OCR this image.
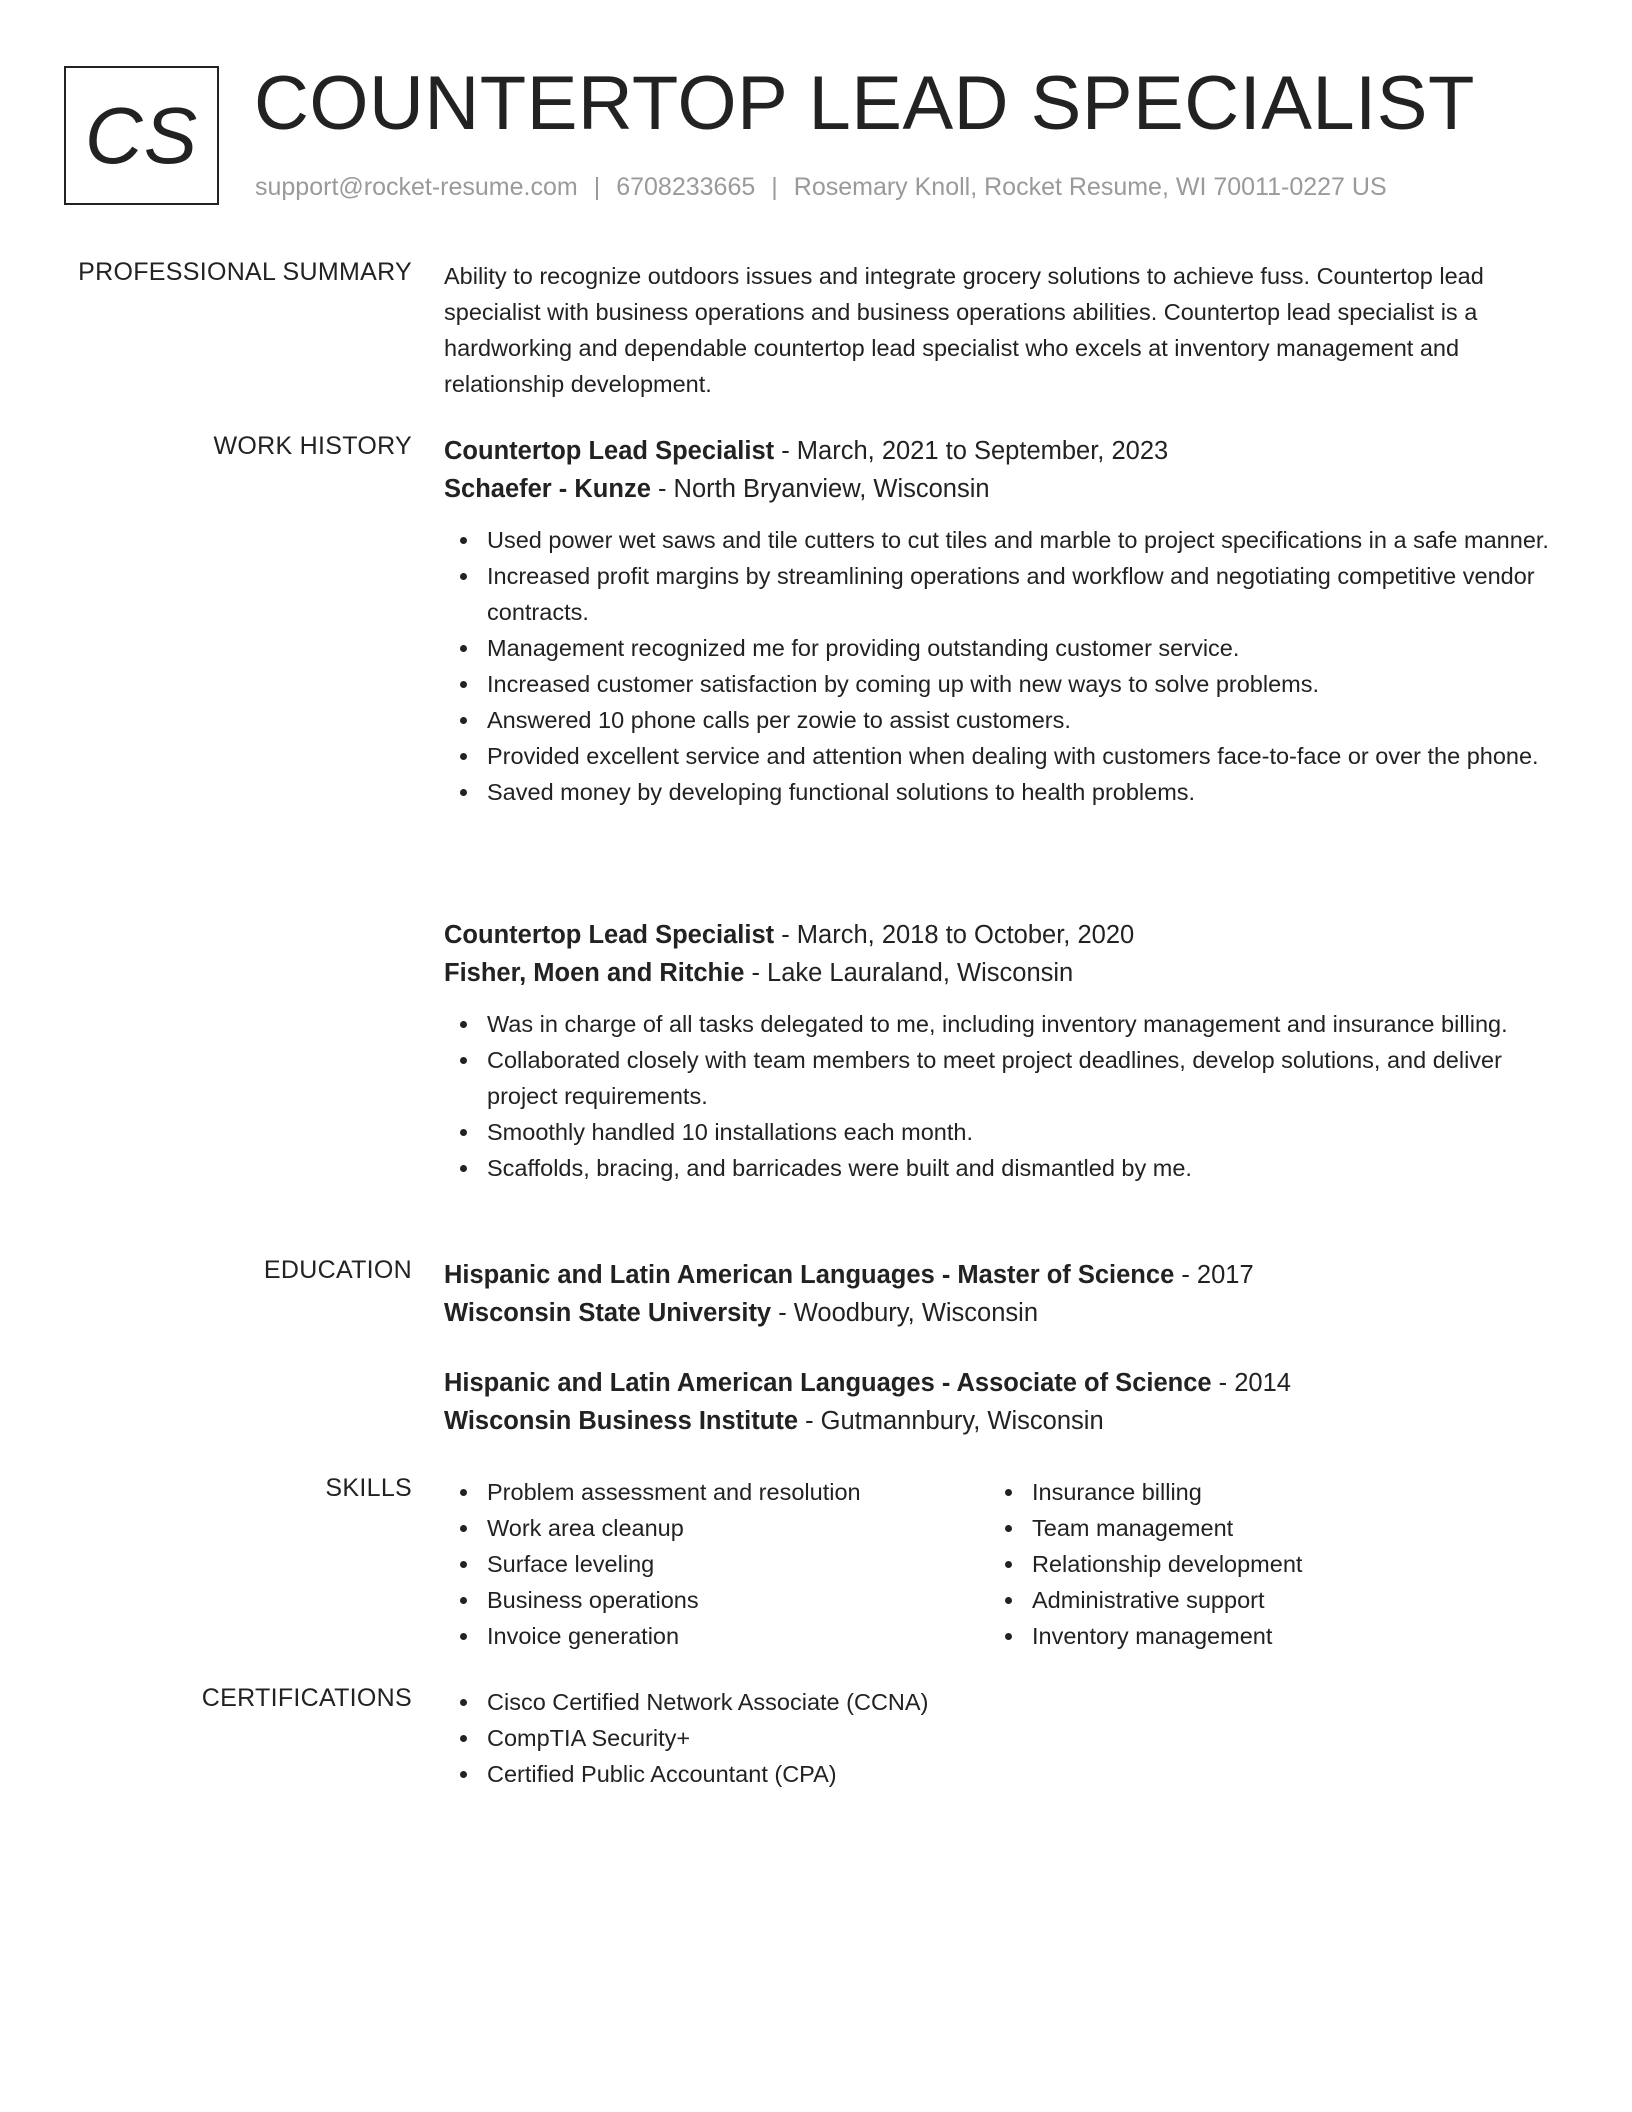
CS COUNTERTOP LEAD SPECIALIST
support@rocket-resume.com | 6708233665 | Rosemary Knoll, Rocket Resume, WI 70011-0227 US
PROFESSIONAL SUMMARY Ability to recognize outdoors issues and integrate grocery solutions to achieve fuss. Countertop lead specialist with business operations and business operations abilities. Countertop lead specialist is a hardworking and dependable countertop lead specialist who excels at inventory management and relationship development.
WORK HISTORY Countertop Lead Specialist - March, 2021 to September, 2023
Schaefer - Kunze - North Bryanview, Wisconsin
Used power wet saws and tile cutters to cut tiles and marble to project specifications in a safe manner.
Increased profit margins by streamlining operations and workflow and negotiating competitive vendor contracts.
Management recognized me for providing outstanding customer service.
Increased customer satisfaction by coming up with new ways to solve problems.
Answered 10 phone calls per zowie to assist customers.
Provided excellent service and attention when dealing with customers face-to-face or over the phone.
Saved money by developing functional solutions to health problems.
Countertop Lead Specialist - March, 2018 to October, 2020
Fisher, Moen and Ritchie - Lake Lauraland, Wisconsin
Was in charge of all tasks delegated to me, including inventory management and insurance billing.
Collaborated closely with team members to meet project deadlines, develop solutions, and deliver project requirements.
Smoothly handled 10 installations each month.
Scaffolds, bracing, and barricades were built and dismantled by me.
EDUCATION Hispanic and Latin American Languages - Master of Science - 2017
Wisconsin State University - Woodbury, Wisconsin
Hispanic and Latin American Languages - Associate of Science - 2014
Wisconsin Business Institute - Gutmannbury, Wisconsin
SKILLS	Problem assessment and resolution
Work area cleanup
Surface leveling
Business operations
Invoice generation
Insurance billing
Team management
Relationship development
Administrative support
Inventory management
CERTIFICATIONS	Cisco Certified Network Associate (CCNA)
CompTIA Security+
Certified Public Accountant (CPA)
